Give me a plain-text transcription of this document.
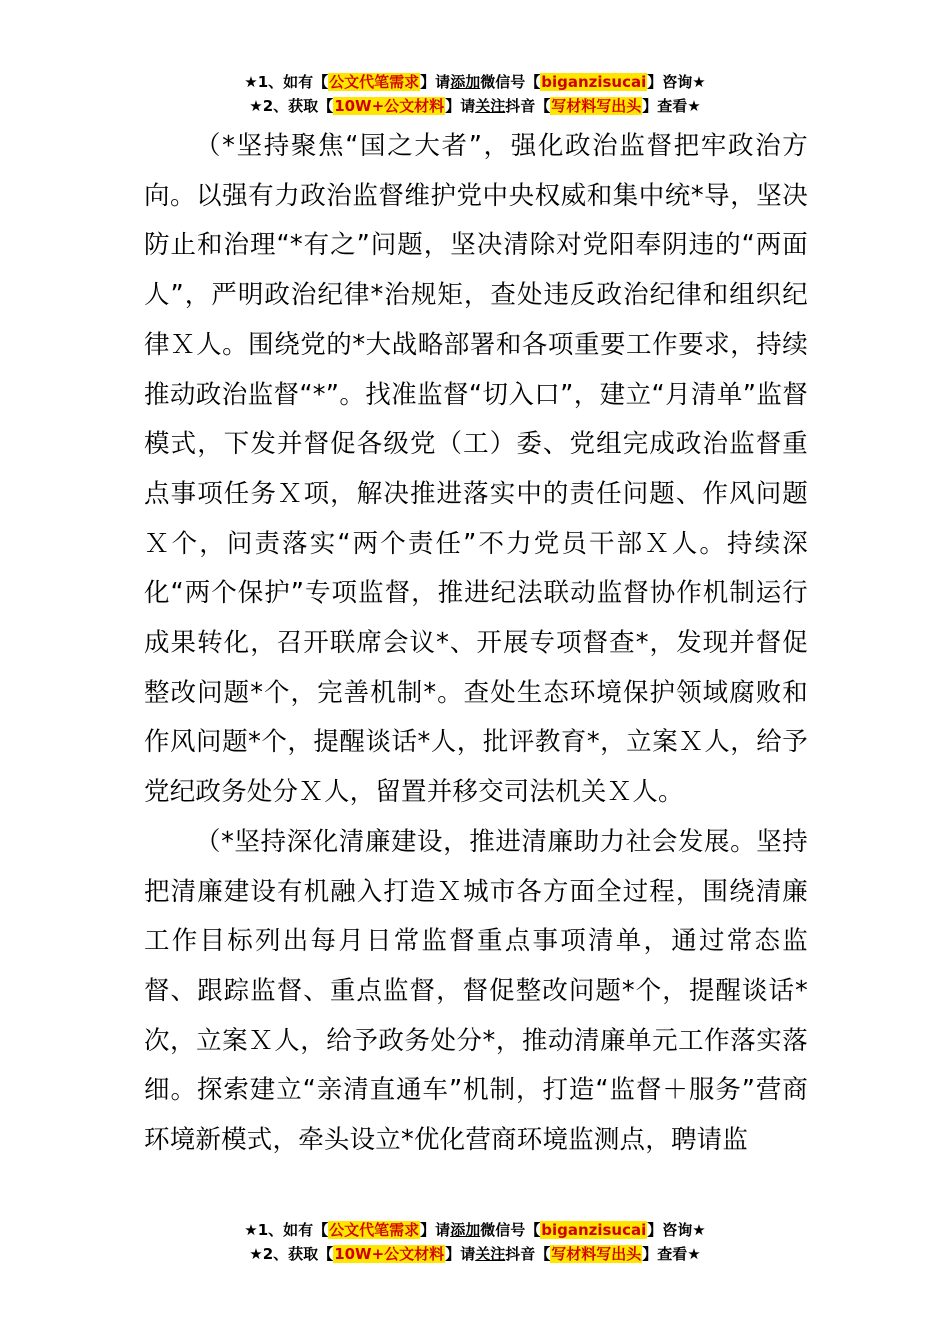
★1、如有【公文代笔需求】请添加微信号【biganzisucai】咨询★
★2、获取【10W+公文材料】请关注抖音【写材料写出头】查看★

（*坚持聚焦“国之大者”，强化政治监督把牢政治方向。以强有力政治监督维护党中央权威和集中统*导，坚决防止和治理“*有之”问题，坚决清除对党阳奉阴违的“两面人”，严明政治纪律*治规矩，查处违反政治纪律和组织纪律Ｘ人。围绕党的*大战略部署和各项重要工作要求，持续推动政治监督“*”。找准监督“切入口”，建立“月清单”监督模式，下发并督促各级党（工）委、党组完成政治监督重点事项任务Ｘ项，解决推进落实中的责任问题、作风问题Ｘ个，问责落实“两个责任”不力党员干部Ｘ人。持续深化“两个保护”专项监督，推进纪法联动监督协作机制运行成果转化，召开联席会议*、开展专项督查*，发现并督促整改问题*个，完善机制*。查处生态环境保护领域腐败和作风问题*个，提醒谈话*人，批评教育*，立案Ｘ人，给予党纪政务处分Ｘ人，留置并移交司法机关Ｘ人。

（*坚持深化清廉建设，推进清廉助力社会发展。坚持把清廉建设有机融入打造Ｘ城市各方面全过程，围绕清廉工作目标列出每月日常监督重点事项清单，通过常态监督、跟踪监督、重点监督，督促整改问题*个，提醒谈话*次，立案Ｘ人，给予政务处分*，推动清廉单元工作落实落细。探索建立“亲清直通车”机制，打造“监督＋服务”营商环境新模式，牵头设立*优化营商环境监测点，聘请监

★1、如有【公文代笔需求】请添加微信号【biganzisucai】咨询★
★2、获取【10W+公文材料】请关注抖音【写材料写出头】查看★
